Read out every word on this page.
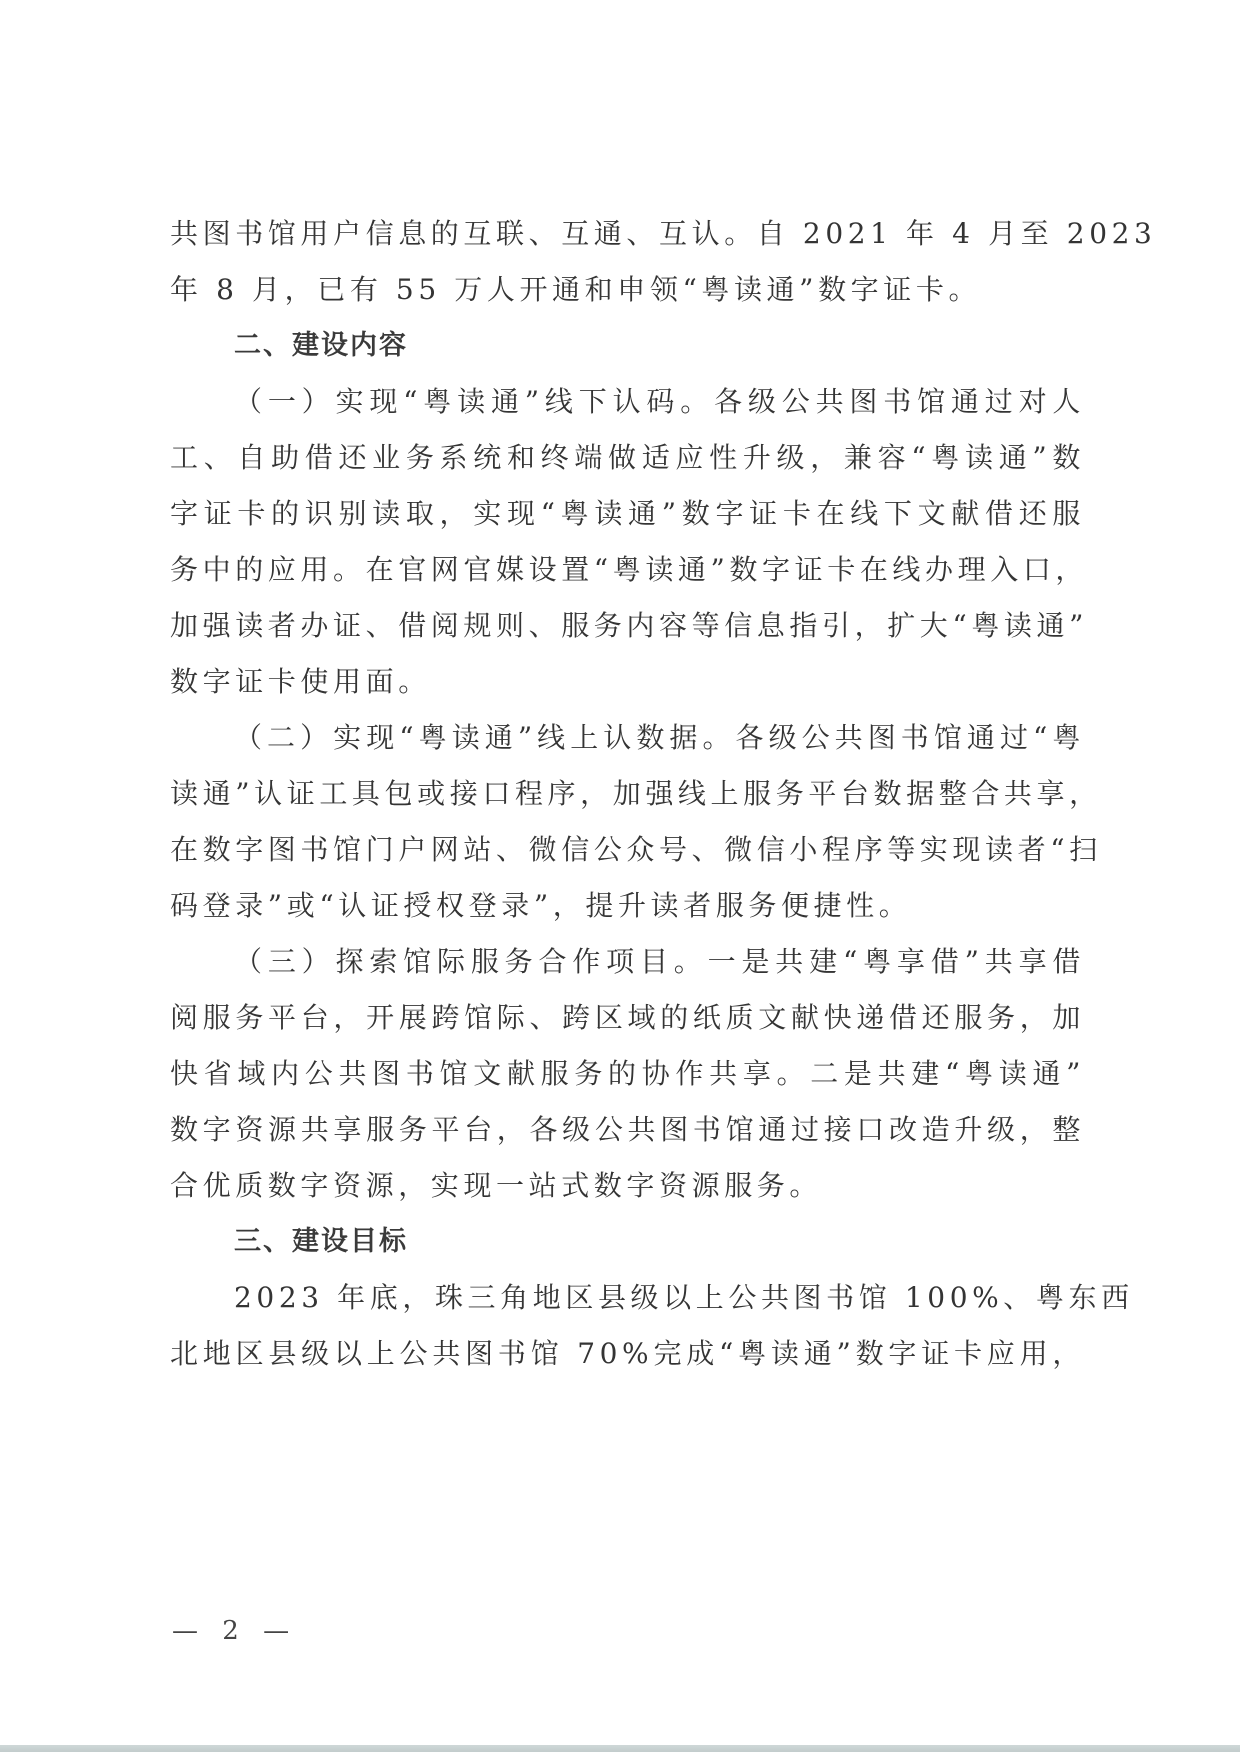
共图书馆用户信息的互联、互通、互认。自 2021 年 4 月至 2023
年 8 月，已有 55 万人开通和申领“粤读通”数字证卡。
二、建设内容
（一）实现“粤读通”线下认码。各级公共图书馆通过对人
工、自助借还业务系统和终端做适应性升级，兼容“粤读通”数
字证卡的识别读取，实现“粤读通”数字证卡在线下文献借还服
务中的应用。在官网官媒设置“粤读通”数字证卡在线办理入口，
加强读者办证、借阅规则、服务内容等信息指引，扩大“粤读通”
数字证卡使用面。
（二）实现“粤读通”线上认数据。各级公共图书馆通过“粤
读通”认证工具包或接口程序，加强线上服务平台数据整合共享，
在数字图书馆门户网站、微信公众号、微信小程序等实现读者“扫
码登录”或“认证授权登录”，提升读者服务便捷性。
（三）探索馆际服务合作项目。一是共建“粤享借”共享借
阅服务平台，开展跨馆际、跨区域的纸质文献快递借还服务，加
快省域内公共图书馆文献服务的协作共享。二是共建“粤读通”
数字资源共享服务平台，各级公共图书馆通过接口改造升级，整
合优质数字资源，实现一站式数字资源服务。
三、建设目标
2023 年底，珠三角地区县级以上公共图书馆 100%、粤东西
北地区县级以上公共图书馆 70%完成“粤读通”数字证卡应用，
— 2 —
